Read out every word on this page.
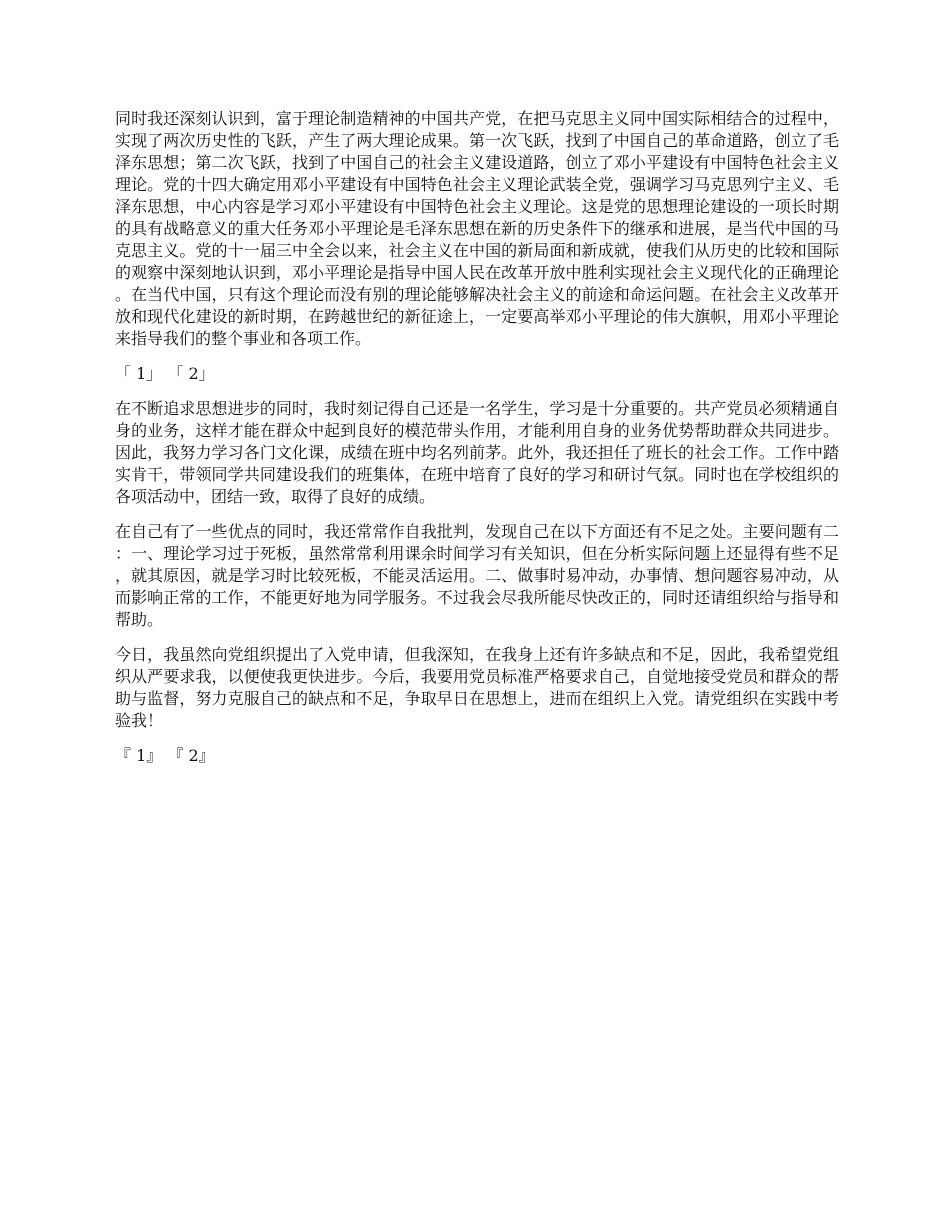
同时我还深刻认识到，富于理论制造精神的中国共产党，在把马克思主义同中国实际相结合的过程中，实现了两次历史性的飞跃，产生了两大理论成果。第一次飞跃，找到了中国自己的革命道路，创立了毛泽东思想；第二次飞跃，找到了中国自己的社会主义建设道路，创立了邓小平建设有中国特色社会主义理论。党的十四大确定用邓小平建设有中国特色社会主义理论武装全党，强调学习马克思列宁主义、毛泽东思想，中心内容是学习邓小平建设有中国特色社会主义理论。这是党的思想理论建设的一项长时期的具有战略意义的重大任务邓小平理论是毛泽东思想在新的历史条件下的继承和进展，是当代中国的马克思主义。党的十一届三中全会以来，社会主义在中国的新局面和新成就，使我们从历史的比较和国际的观察中深刻地认识到，邓小平理论是指导中国人民在改革开放中胜利实现社会主义现代化的正确理论。在当代中国，只有这个理论而没有别的理论能够解决社会主义的前途和命运问题。在社会主义改革开放和现代化建设的新时期，在跨越世纪的新征途上，一定要高举邓小平理论的伟大旗帜，用邓小平理论来指导我们的整个事业和各项工作。

「 1」 「 2」

在不断追求思想进步的同时，我时刻记得自己还是一名学生，学习是十分重要的。共产党员必须精通自身的业务，这样才能在群众中起到良好的模范带头作用，才能利用自身的业务优势帮助群众共同进步。因此，我努力学习各门文化课，成绩在班中均名列前茅。此外，我还担任了班长的社会工作。工作中踏实肯干，带领同学共同建设我们的班集体，在班中培育了良好的学习和研讨气氛。同时也在学校组织的各项活动中，团结一致，取得了良好的成绩。

在自己有了一些优点的同时，我还常常作自我批判，发现自己在以下方面还有不足之处。主要问题有二：一、理论学习过于死板，虽然常常利用课余时间学习有关知识，但在分析实际问题上还显得有些不足，就其原因，就是学习时比较死板，不能灵活运用。二、做事时易冲动，办事情、想问题容易冲动，从而影响正常的工作，不能更好地为同学服务。不过我会尽我所能尽快改正的，同时还请组织给与指导和帮助。

今日，我虽然向党组织提出了入党申请，但我深知，在我身上还有许多缺点和不足，因此，我希望党组织从严要求我，以便使我更快进步。今后，我要用党员标准严格要求自己，自觉地接受党员和群众的帮助与监督，努力克服自己的缺点和不足，争取早日在思想上，进而在组织上入党。请党组织在实践中考验我！

『 1』 『 2』
